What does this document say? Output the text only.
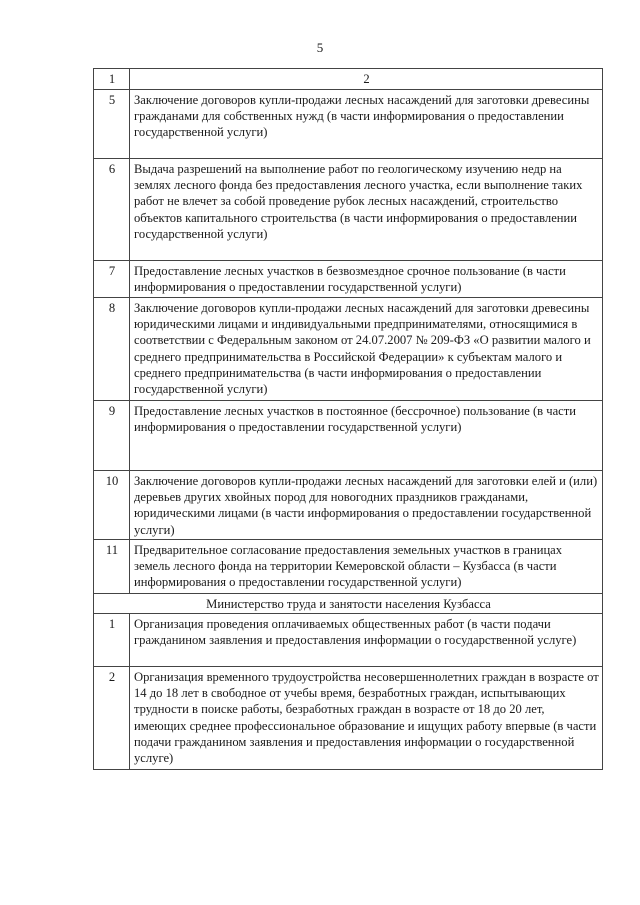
5
1	2
5	Заключение договоров купли-продажи лесных насаждений для заготовки древесины гражданами для собственных нужд (в части информирования о предоставлении государственной услуги)
6	Выдача разрешений на выполнение работ по геологическому изучению недр на землях лесного фонда без предоставления лесного участка, если выполнение таких работ не влечет за собой проведение рубок лесных насаждений, строительство объектов капитального строительства (в части информирования о предоставлении государственной услуги)
7	Предоставление лесных участков в безвозмездное срочное пользование (в части информирования о предоставлении государственной услуги)
8	Заключение договоров купли-продажи лесных насаждений для заготовки древесины юридическими лицами и индивидуальными предпринимателями, относящимися в соответствии с Федеральным законом от 24.07.2007 № 209-ФЗ «О развитии малого и среднего предпринимательства в Российской Федерации» к субъектам малого и среднего предпринимательства (в части информирования о предоставлении государственной услуги)
9	Предоставление лесных участков в постоянное (бессрочное) пользование (в части информирования о предоставлении государственной услуги)
10	Заключение договоров купли-продажи лесных насаждений для заготовки елей и (или) деревьев других хвойных пород для новогодних праздников гражданами, юридическими лицами (в части информирования о предоставлении государственной услуги)
11	Предварительное согласование предоставления земельных участков в границах земель лесного фонда на территории Кемеровской области – Кузбасса (в части информирования о предоставлении государственной услуги)
Министерство труда и занятости населения Кузбасса	
1	Организация проведения оплачиваемых общественных работ (в части подачи гражданином заявления и предоставления информации о государственной услуге)
2	Организация временного трудоустройства несовершеннолетних граждан в возрасте от 14 до 18 лет в свободное от учебы время, безработных граждан, испытывающих трудности в поиске работы, безработных граждан в возрасте от 18 до 20 лет, имеющих среднее профессиональное образование и ищущих работу впервые (в части подачи гражданином заявления и предоставления информации о государственной услуге)
